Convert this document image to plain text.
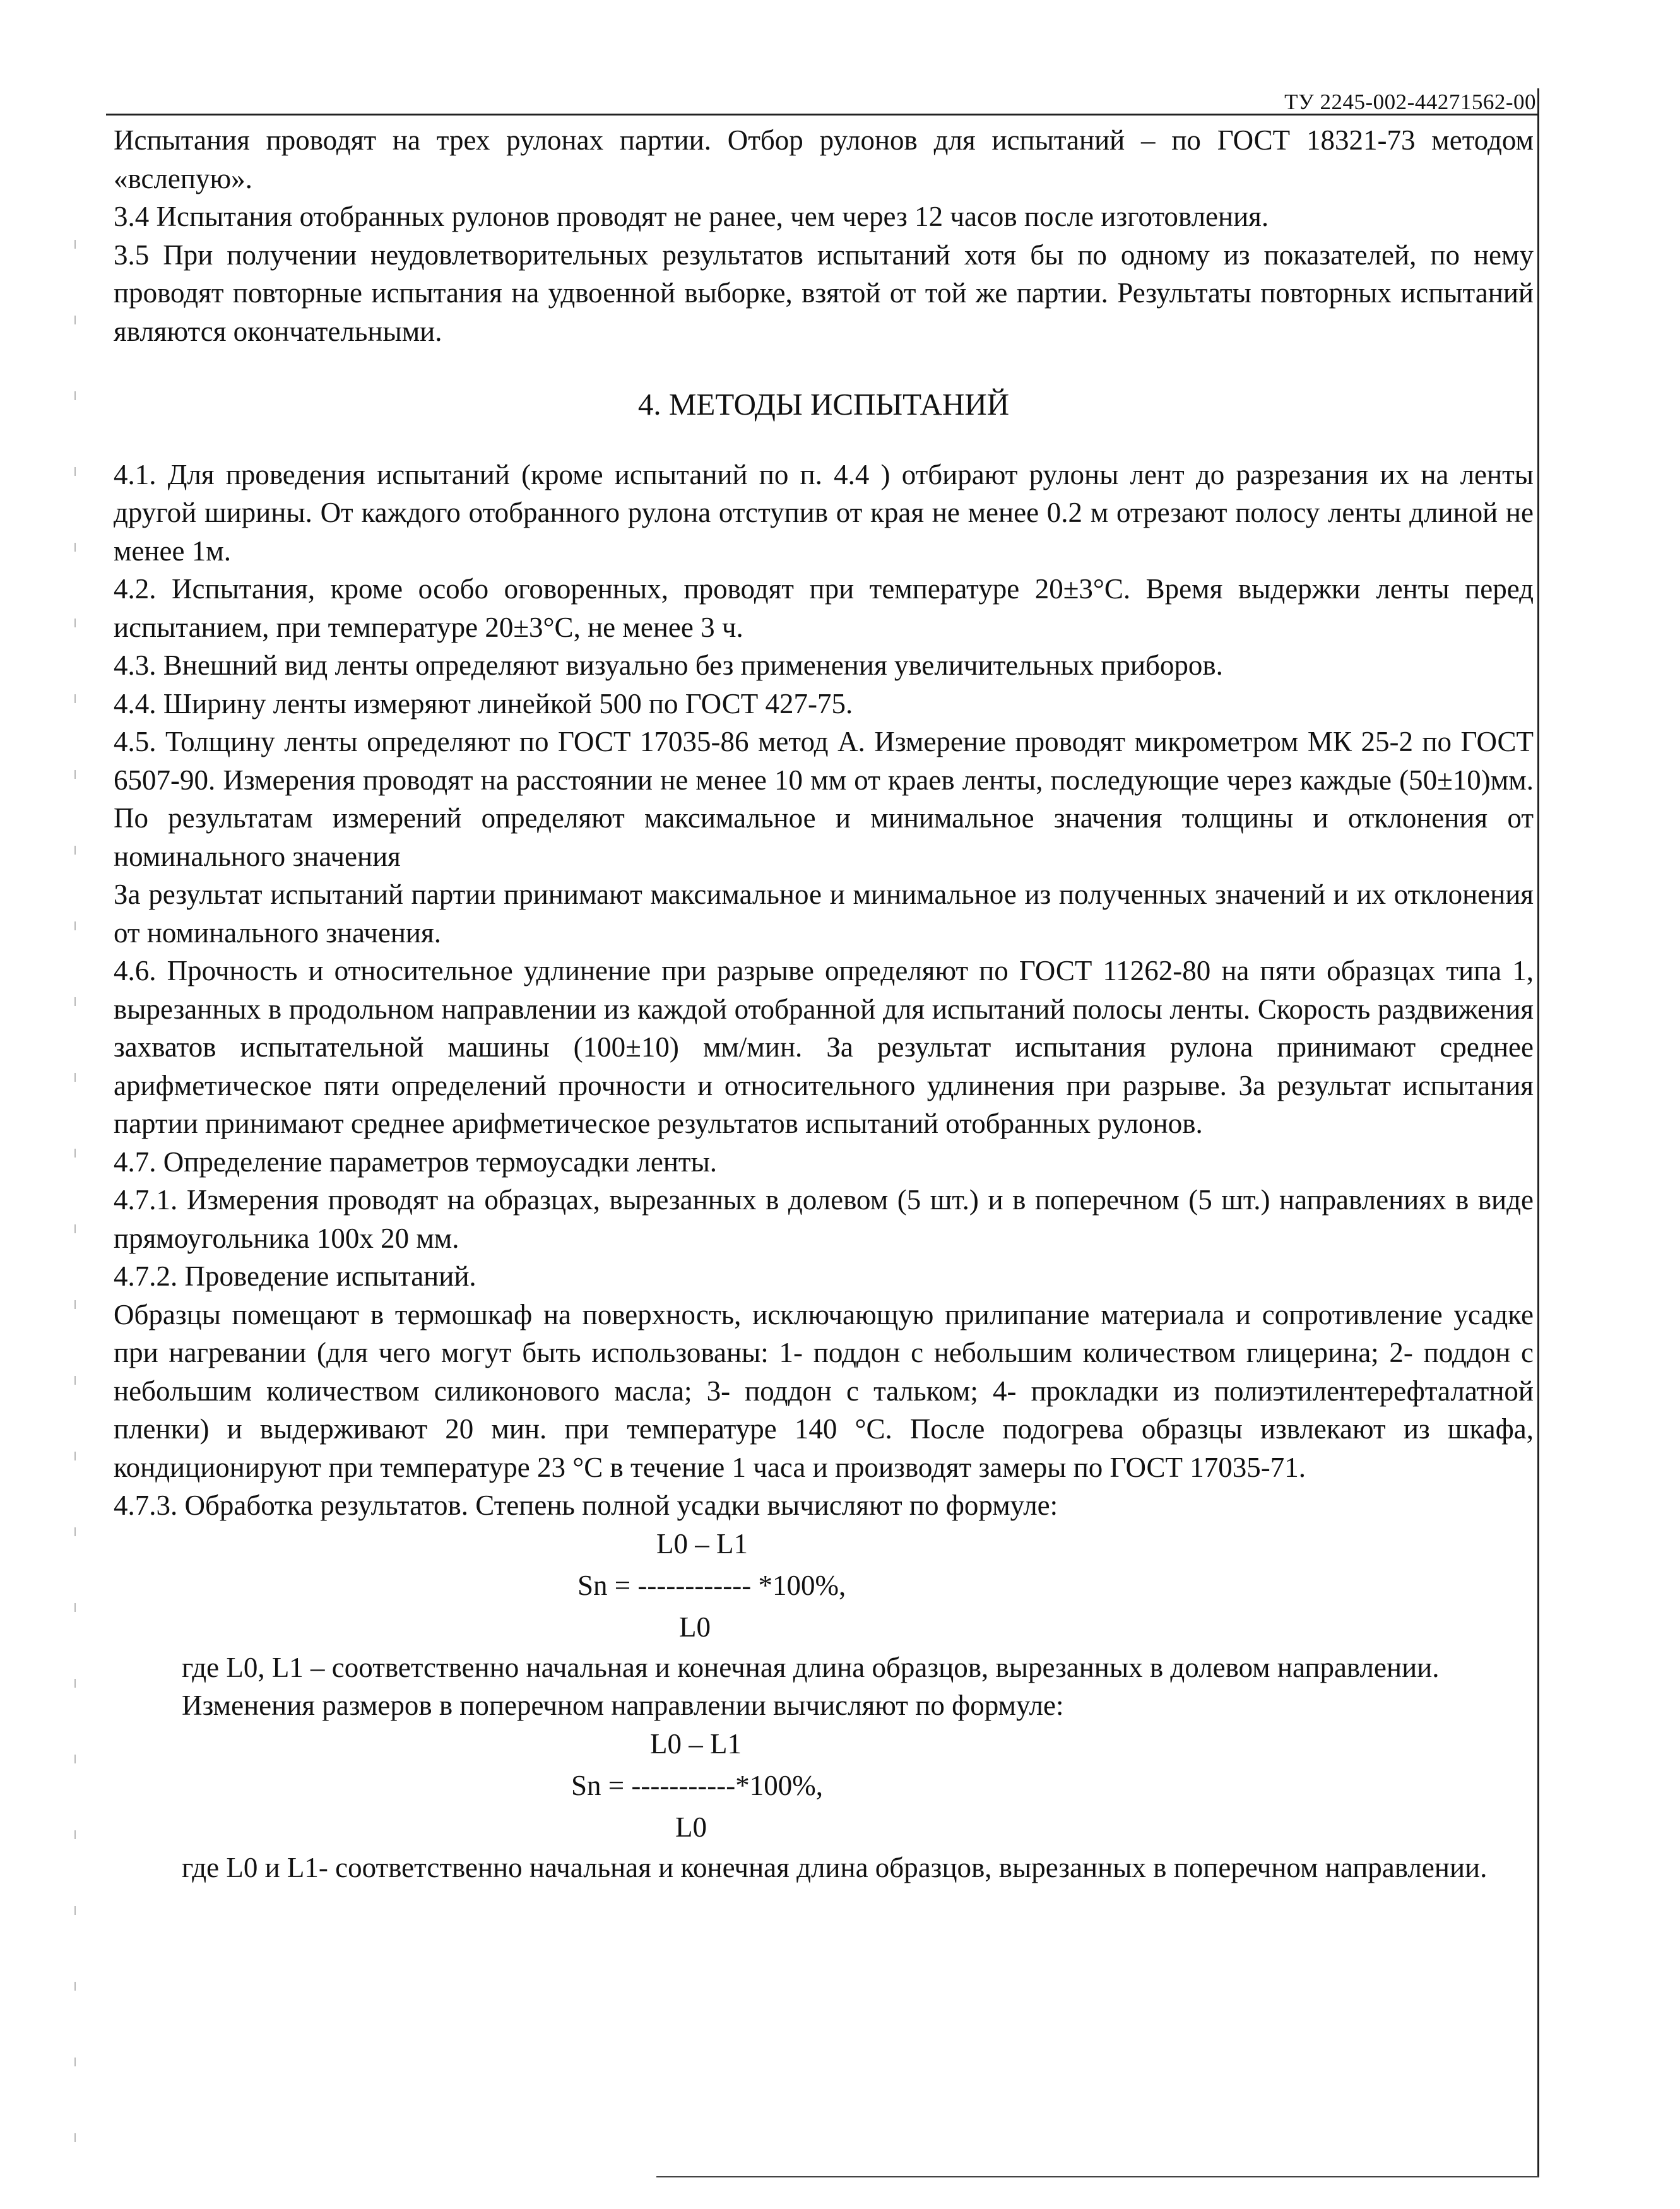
ТУ 2245-002-44271562-00

Испытания проводят на трех рулонах партии. Отбор рулонов для испытаний – по ГОСТ 18321-73 методом «вслепую».

3.4 Испытания отобранных рулонов проводят не ранее, чем через 12 часов после изготовления.

3.5 При получении неудовлетворительных результатов испытаний хотя бы по одному из показателей, по нему проводят повторные испытания на удвоенной выборке, взятой от той же партии. Результаты повторных испытаний являются окончательными.

4. МЕТОДЫ ИСПЫТАНИЙ

4.1. Для проведения испытаний (кроме испытаний по п. 4.4 ) отбирают рулоны лент до разрезания их на ленты другой ширины. От каждого отобранного рулона отступив от края не менее 0.2 м отрезают полосу ленты длиной не менее 1м.

4.2. Испытания, кроме особо оговоренных, проводят при температуре 20±3°С. Время выдержки ленты перед испытанием, при температуре 20±3°С, не менее 3 ч.

4.3. Внешний вид ленты определяют визуально без применения увеличительных приборов.

4.4. Ширину ленты измеряют линейкой 500 по ГОСТ 427-75.

4.5. Толщину ленты определяют по ГОСТ 17035-86 метод А. Измерение проводят микрометром МК 25-2 по ГОСТ 6507-90. Измерения проводят на расстоянии не менее 10 мм от краев ленты, последующие через каждые (50±10)мм. По результатам измерений определяют максимальное и минимальное значения толщины и отклонения от номинального значения

За результат испытаний партии принимают максимальное и минимальное из полученных значений и их отклонения от номинального значения.

4.6. Прочность и относительное удлинение при разрыве определяют по ГОСТ 11262-80 на пяти образцах типа 1, вырезанных в продольном направлении из каждой отобранной для испытаний полосы ленты. Скорость раздвижения захватов испытательной машины (100±10) мм/мин. За результат испытания рулона принимают среднее арифметическое пяти определений прочности и относительного удлинения при разрыве. За результат испытания партии принимают среднее арифметическое результатов испытаний отобранных рулонов.

4.7. Определение параметров термоусадки ленты.

4.7.1. Измерения проводят на образцах, вырезанных в долевом (5 шт.) и в поперечном (5 шт.) направлениях в виде прямоугольника 100х 20 мм.

4.7.2. Проведение испытаний.

Образцы помещают в термошкаф на поверхность, исключающую прилипание материала и сопротивление усадке при нагревании (для чего могут быть использованы: 1- поддон с небольшим количеством глицерина; 2- поддон с небольшим количеством силиконового масла; 3- поддон с тальком; 4- прокладки из полиэтилентерефталатной пленки) и выдерживают 20 мин. при температуре 140 °С. После подогрева образцы извлекают из шкафа, кондиционируют при температуре 23 °С в течение 1 часа и производят замеры по ГОСТ 17035-71.

4.7.3. Обработка результатов. Степень полной усадки вычисляют по формуле:

L0 – L1
Sn = ------------ *100%,
L0

где L0, L1 – соответственно начальная и конечная длина образцов, вырезанных в долевом направлении.

Изменения размеров в поперечном направлении вычисляют по формуле:

L0 – L1
Sn = -----------*100%,
L0

где L0 и L1- соответственно начальная и конечная длина образцов, вырезанных в поперечном направлении.
